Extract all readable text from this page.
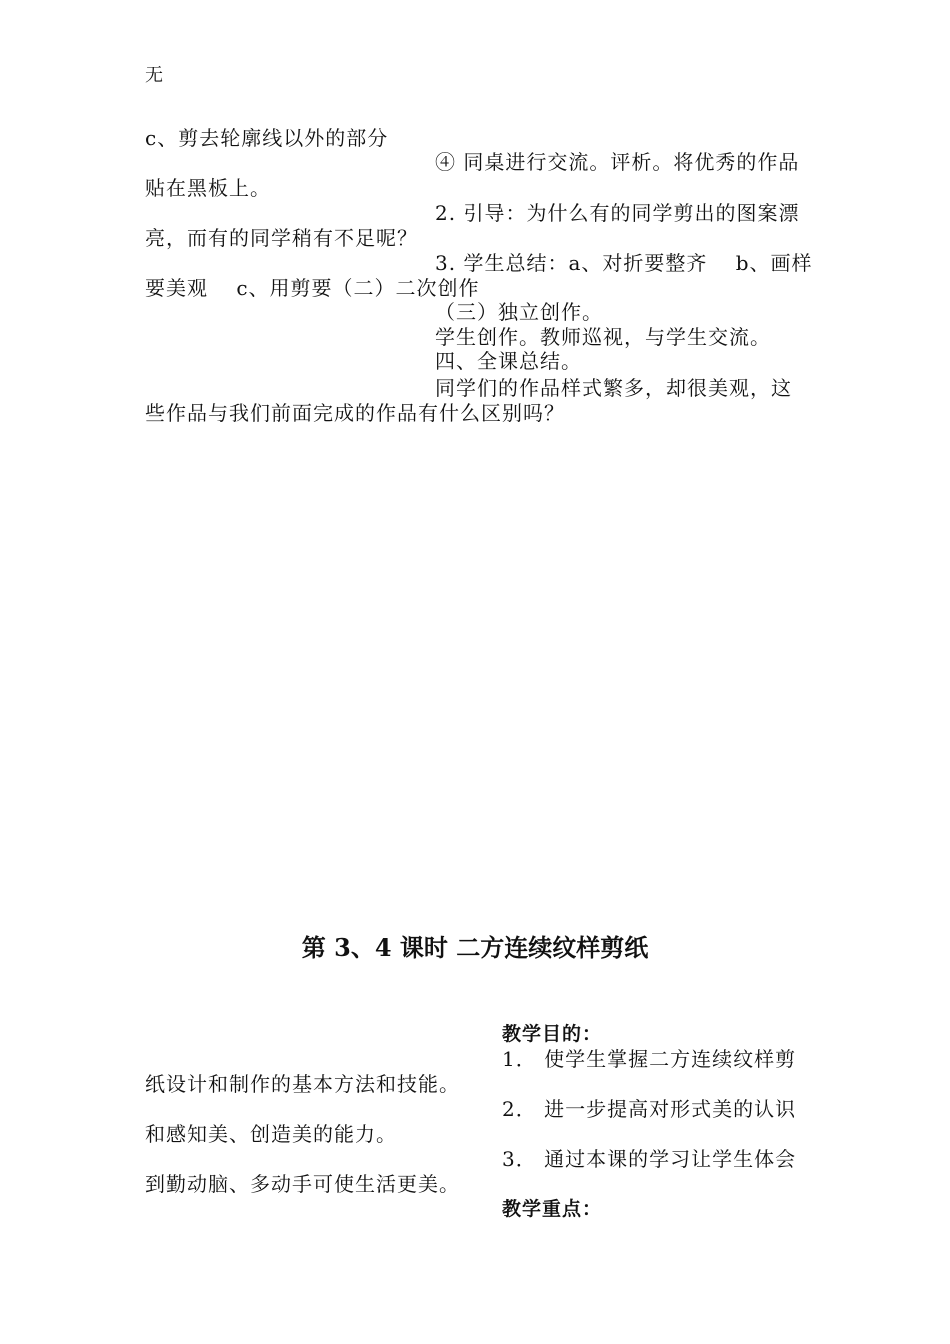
无
c、剪去轮廓线以外的部分
④ 同桌进行交流。评析。将优秀的作品
贴在黑板上。
2. 引导：为什么有的同学剪出的图案漂
亮，而有的同学稍有不足呢？
3. 学生总结：a、对折要整齐　 b、画样
要美观　 c、用剪要（二）二次创作
（三）独立创作。
学生创作。教师巡视，与学生交流。
四、全课总结。
同学们的作品样式繁多，却很美观，这
些作品与我们前面完成的作品有什么区别吗？
第 3、4 课时 二方连续纹样剪纸
教学目的：
1． 使学生掌握二方连续纹样剪
纸设计和制作的基本方法和技能。
2． 进一步提高对形式美的认识
和感知美、创造美的能力。
3． 通过本课的学习让学生体会
到勤动脑、多动手可使生活更美。
教学重点：
